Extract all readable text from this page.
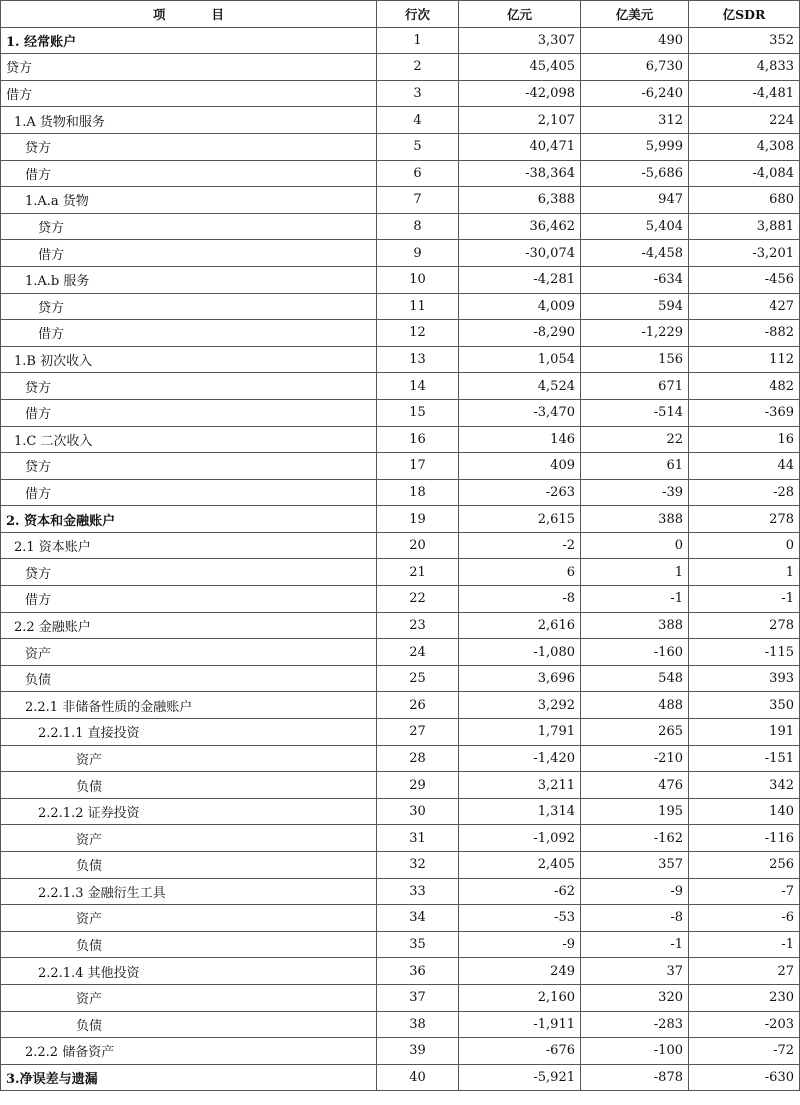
项 目	行次	亿元	亿美元	亿SDR
1. 经常账户	1	3,307	490	352
贷方	2	45,405	6,730	4,833
借方	3	-42,098	-6,240	-4,481
1.A 货物和服务	4	2,107	312	224
贷方	5	40,471	5,999	4,308
借方	6	-38,364	-5,686	-4,084
1.A.a 货物	7	6,388	947	680
贷方	8	36,462	5,404	3,881
借方	9	-30,074	-4,458	-3,201
1.A.b 服务	10	-4,281	-634	-456
贷方	11	4,009	594	427
借方	12	-8,290	-1,229	-882
1.B 初次收入	13	1,054	156	112
贷方	14	4,524	671	482
借方	15	-3,470	-514	-369
1.C 二次收入	16	146	22	16
贷方	17	409	61	44
借方	18	-263	-39	-28
2. 资本和金融账户	19	2,615	388	278
2.1 资本账户	20	-2	0	0
贷方	21	6	1	1
借方	22	-8	-1	-1
2.2 金融账户	23	2,616	388	278
资产	24	-1,080	-160	-115
负债	25	3,696	548	393
2.2.1 非储备性质的金融账户	26	3,292	488	350
2.2.1.1 直接投资	27	1,791	265	191
资产	28	-1,420	-210	-151
负债	29	3,211	476	342
2.2.1.2 证券投资	30	1,314	195	140
资产	31	-1,092	-162	-116
负债	32	2,405	357	256
2.2.1.3 金融衍生工具	33	-62	-9	-7
资产	34	-53	-8	-6
负债	35	-9	-1	-1
2.2.1.4 其他投资	36	249	37	27
资产	37	2,160	320	230
负债	38	-1,911	-283	-203
2.2.2 储备资产	39	-676	-100	-72
3.净误差与遗漏	40	-5,921	-878	-630
